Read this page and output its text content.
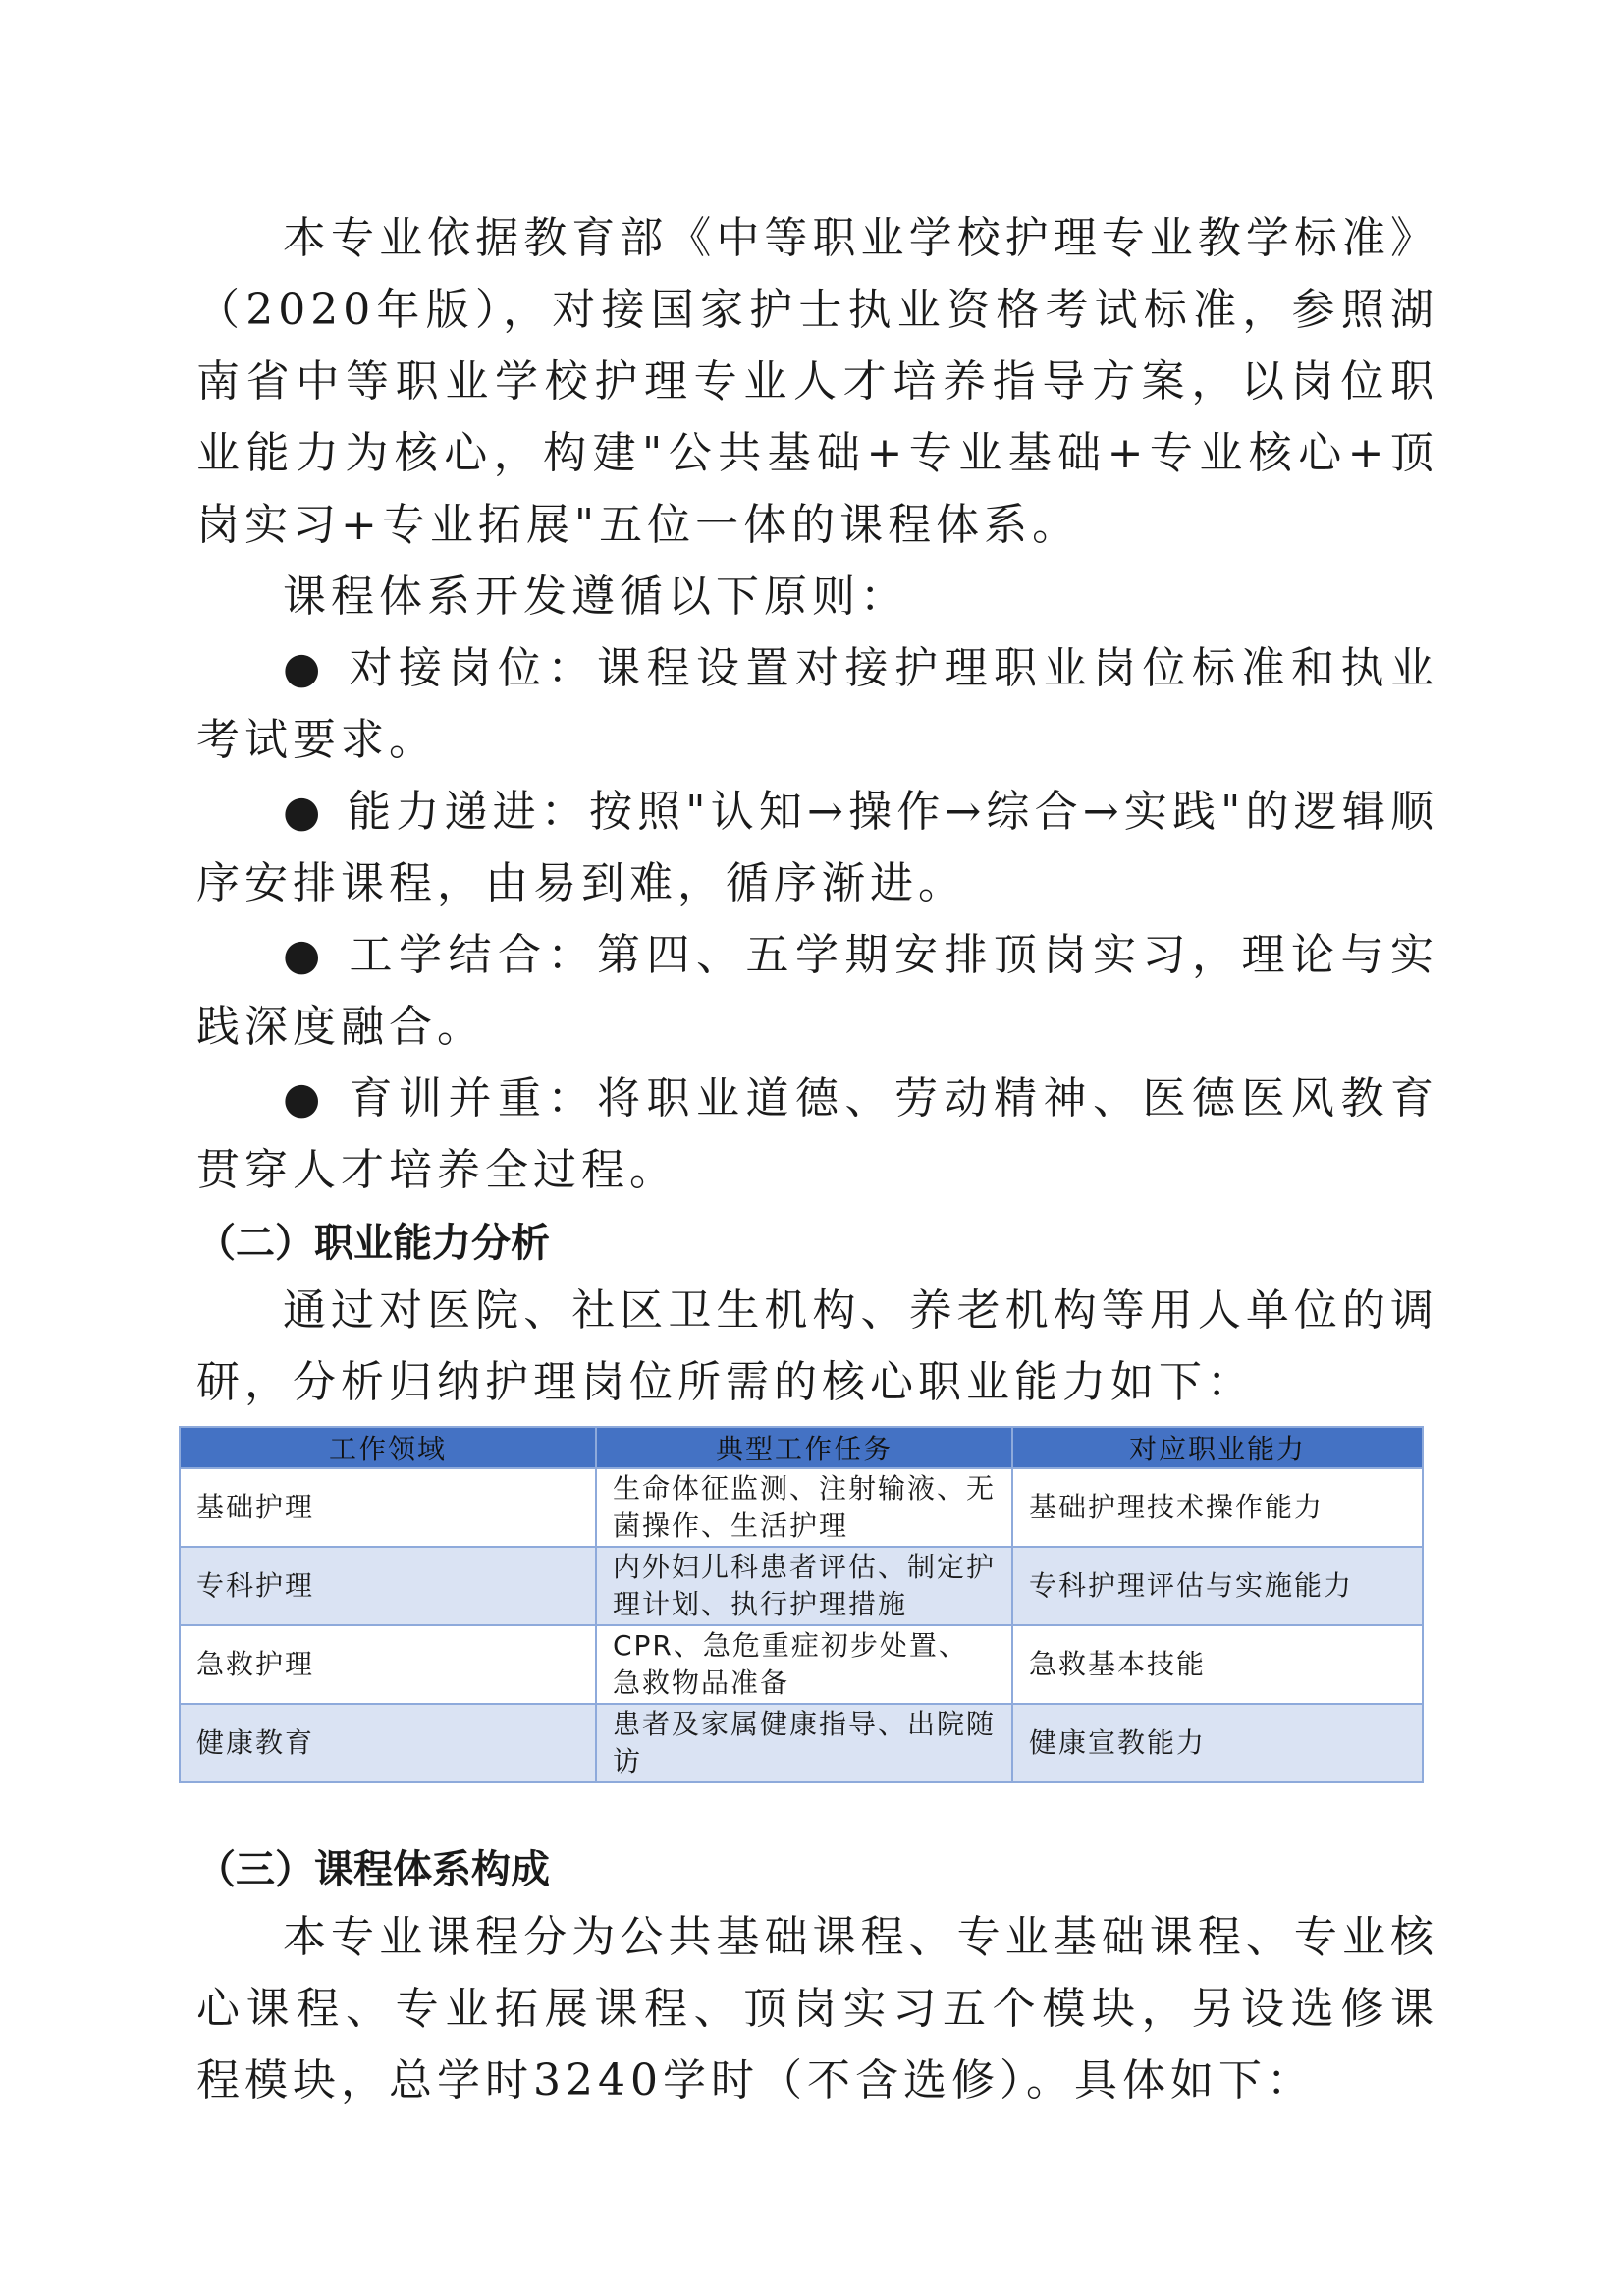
本专业依据教育部《中等职业学校护理专业教学标准》（2020年版），对接国家护士执业资格考试标准，参照湖南省中等职业学校护理专业人才培养指导方案，以岗位职业能力为核心，构建"公共基础+专业基础+专业核心+顶岗实习+专业拓展"五位一体的课程体系。

课程体系开发遵循以下原则：

● 对接岗位：课程设置对接护理职业岗位标准和执业考试要求。

● 能力递进：按照"认知→操作→综合→实践"的逻辑顺序安排课程，由易到难，循序渐进。

● 工学结合：第四、五学期安排顶岗实习，理论与实践深度融合。

● 育训并重：将职业道德、劳动精神、医德医风教育贯穿人才培养全过程。

（二）职业能力分析

通过对医院、社区卫生机构、养老机构等用人单位的调研，分析归纳护理岗位所需的核心职业能力如下：

工作领域	典型工作任务	对应职业能力
基础护理	生命体征监测、注射输液、无菌操作、生活护理	基础护理技术操作能力
专科护理	内外妇儿科患者评估、制定护理计划、执行护理措施	专科护理评估与实施能力
急救护理	CPR、急危重症初步处置、急救物品准备	急救基本技能
健康教育	患者及家属健康指导、出院随访	健康宣教能力
（三）课程体系构成

本专业课程分为公共基础课程、专业基础课程、专业核心课程、专业拓展课程、顶岗实习五个模块，另设选修课程模块，总学时3240学时（不含选修）。具体如下：
